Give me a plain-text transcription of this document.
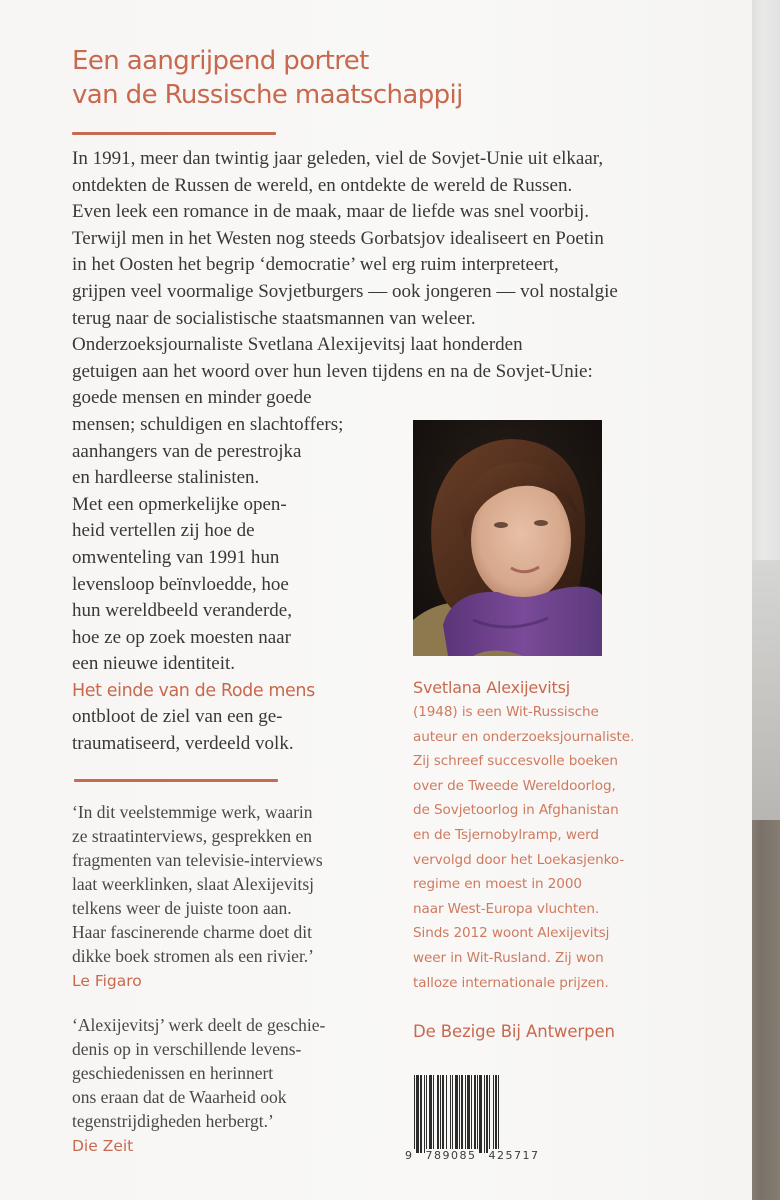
Een aangrijpend portret
van de Russische maatschappij

In 1991, meer dan twintig jaar geleden, viel de Sovjet-Unie uit elkaar,
ontdekten de Russen de wereld, en ontdekte de wereld de Russen.
Even leek een romance in de maak, maar de liefde was snel voorbij.
Terwijl men in het Westen nog steeds Gorbatsjov idealiseert en Poetin
in het Oosten het begrip ‘democratie’ wel erg ruim interpreteert,
grijpen veel voormalige Sovjetburgers — ook jongeren — vol nostalgie
terug naar de socialistische staatsmannen van weleer.
Onderzoeksjournaliste Svetlana Alexijevitsj laat honderden
getuigen aan het woord over hun leven tijdens en na de Sovjet-Unie:
goede mensen en minder goede
mensen; schuldigen en slachtoffers;
aanhangers van de perestrojka
en hardleerse stalinisten.
Met een opmerkelijke open-
heid vertellen zij hoe de
omwenteling van 1991 hun
levensloop beïnvloedde, hoe
hun wereldbeeld veranderde,
hoe ze op zoek moesten naar
een nieuwe identiteit.
Het einde van de Rode mens
ontbloot de ziel van een ge-
traumatiseerd, verdeeld volk.

‘In dit veelstemmige werk, waarin
ze straatinterviews, gesprekken en
fragmenten van televisie-interviews
laat weerklinken, slaat Alexijevitsj
telkens weer de juiste toon aan.
Haar fascinerende charme doet dit
dikke boek stromen als een rivier.’
Le Figaro
‘Alexijevitsj’ werk deelt de geschie-
denis op in verschillende levens-
geschiedenissen en herinnert
ons eraan dat de Waarheid ook
tegenstrijdigheden herbergt.’
Die Zeit
Svetlana Alexijevitsj
(1948) is een Wit-Russische
auteur en onderzoeksjournaliste.
Zij schreef succesvolle boeken
over de Tweede Wereldoorlog,
de Sovjetoorlog in Afghanistan
en de Tsjernobylramp, werd
vervolgd door het Loekasjenko-
regime en moest in 2000
naar West-Europa vluchten.
Sinds 2012 woont Alexijevitsj
weer in Wit-Rusland. Zij won
talloze internationale prijzen.
De Bezige Bij Antwerpen
9 789085 425717
